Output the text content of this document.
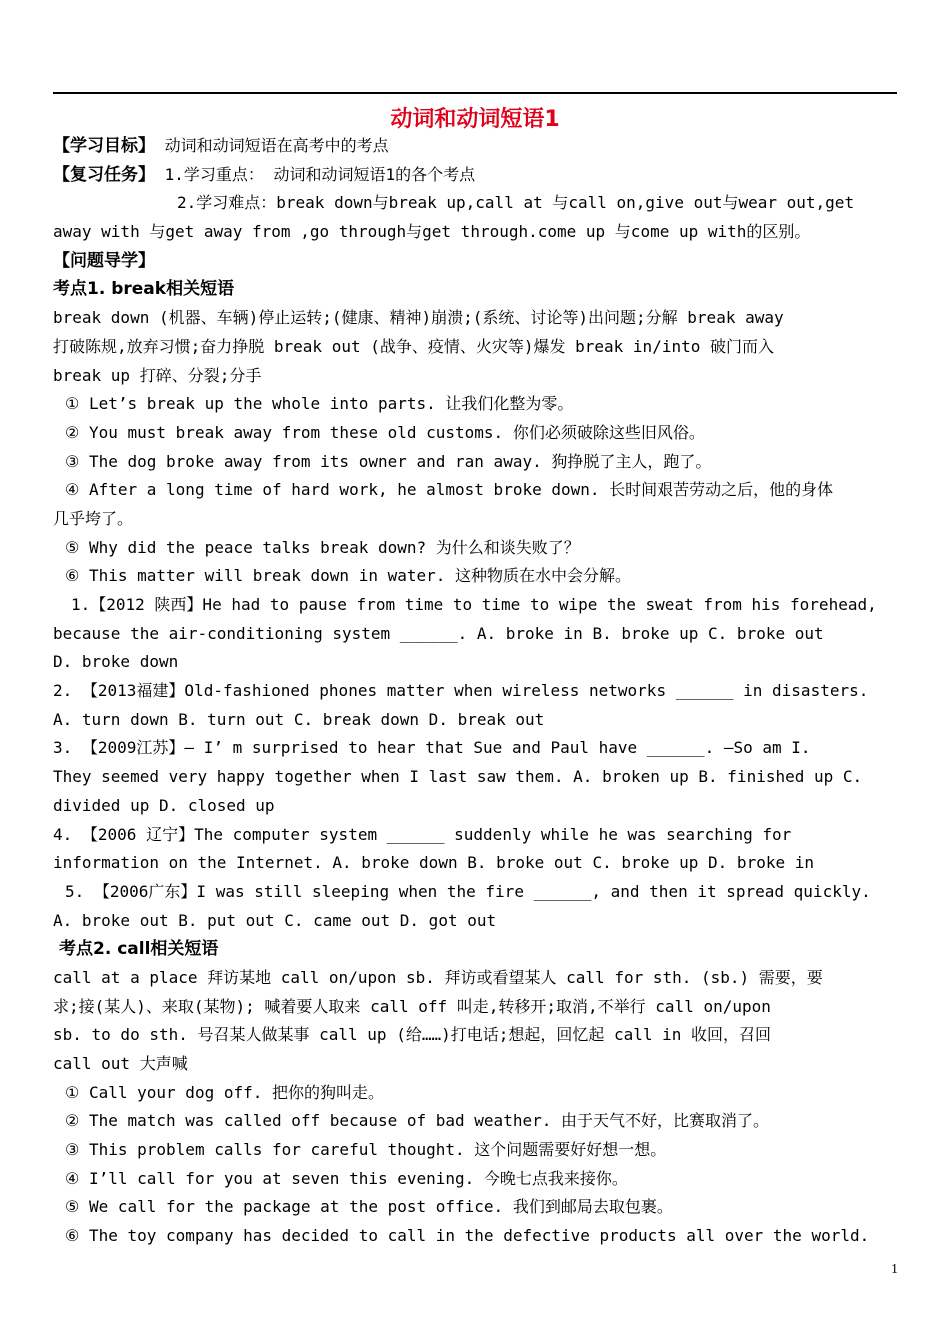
动词和动词短语1
【学习目标】 动词和动词短语在高考中的考点
【复习任务】 1.学习重点： 动词和动词短语1的各个考点
2.学习难点：break down与break up,call at 与call on,give out与wear out,get
away with 与get away from ,go through与get through.come up 与come up with的区别。
【问题导学】
考点1. break相关短语
break down (机器、车辆)停止运转;(健康、精神)崩溃;(系统、讨论等)出问题;分解 break away
打破陈规,放弃习惯;奋力挣脱 break out (战争、疫情、火灾等)爆发 break in/into 破门而入
break up 打碎、分裂;分手
① Let’s break up the whole into parts. 让我们化整为零。
② You must break away from these old customs. 你们必须破除这些旧风俗。
③ The dog broke away from its owner and ran away. 狗挣脱了主人，跑了。
④ After a long time of hard work, he almost broke down. 长时间艰苦劳动之后，他的身体
几乎垮了。
⑤ Why did the peace talks break down? 为什么和谈失败了？
⑥ This matter will break down in water. 这种物质在水中会分解。
1.【2012 陕西】He had to pause from time to time to wipe the sweat from his forehead,
because the air-conditioning system ______. A. broke in B. broke up C. broke out
D. broke down
2. 【2013福建】Old-fashioned phones matter when wireless networks ______ in disasters.
A. turn down B. turn out C. break down D. break out
3. 【2009江苏】— I’ m surprised to hear that Sue and Paul have ______. —So am I.
They seemed very happy together when I last saw them. A. broken up B. finished up C.
divided up D. closed up
4. 【2006 辽宁】The computer system ______ suddenly while he was searching for
information on the Internet. A. broke down B. broke out C. broke up D. broke in
5. 【2006广东】I was still sleeping when the fire ______, and then it spread quickly.
A. broke out B. put out C. came out D. got out
考点2. call相关短语
call at a place 拜访某地 call on/upon sb. 拜访或看望某人 call for sth. (sb.) 需要，要
求;接(某人)、来取(某物); 喊着要人取来 call off 叫走,转移开;取消,不举行 call on/upon
sb. to do sth. 号召某人做某事 call up (给……)打电话;想起，回忆起 call in 收回，召回
call out 大声喊
① Call your dog off. 把你的狗叫走。
② The match was called off because of bad weather. 由于天气不好，比赛取消了。
③ This problem calls for careful thought. 这个问题需要好好想一想。
④ I’ll call for you at seven this evening. 今晚七点我来接你。
⑤ We call for the package at the post office. 我们到邮局去取包裹。
⑥ The toy company has decided to call in the defective products all over the world.
1
